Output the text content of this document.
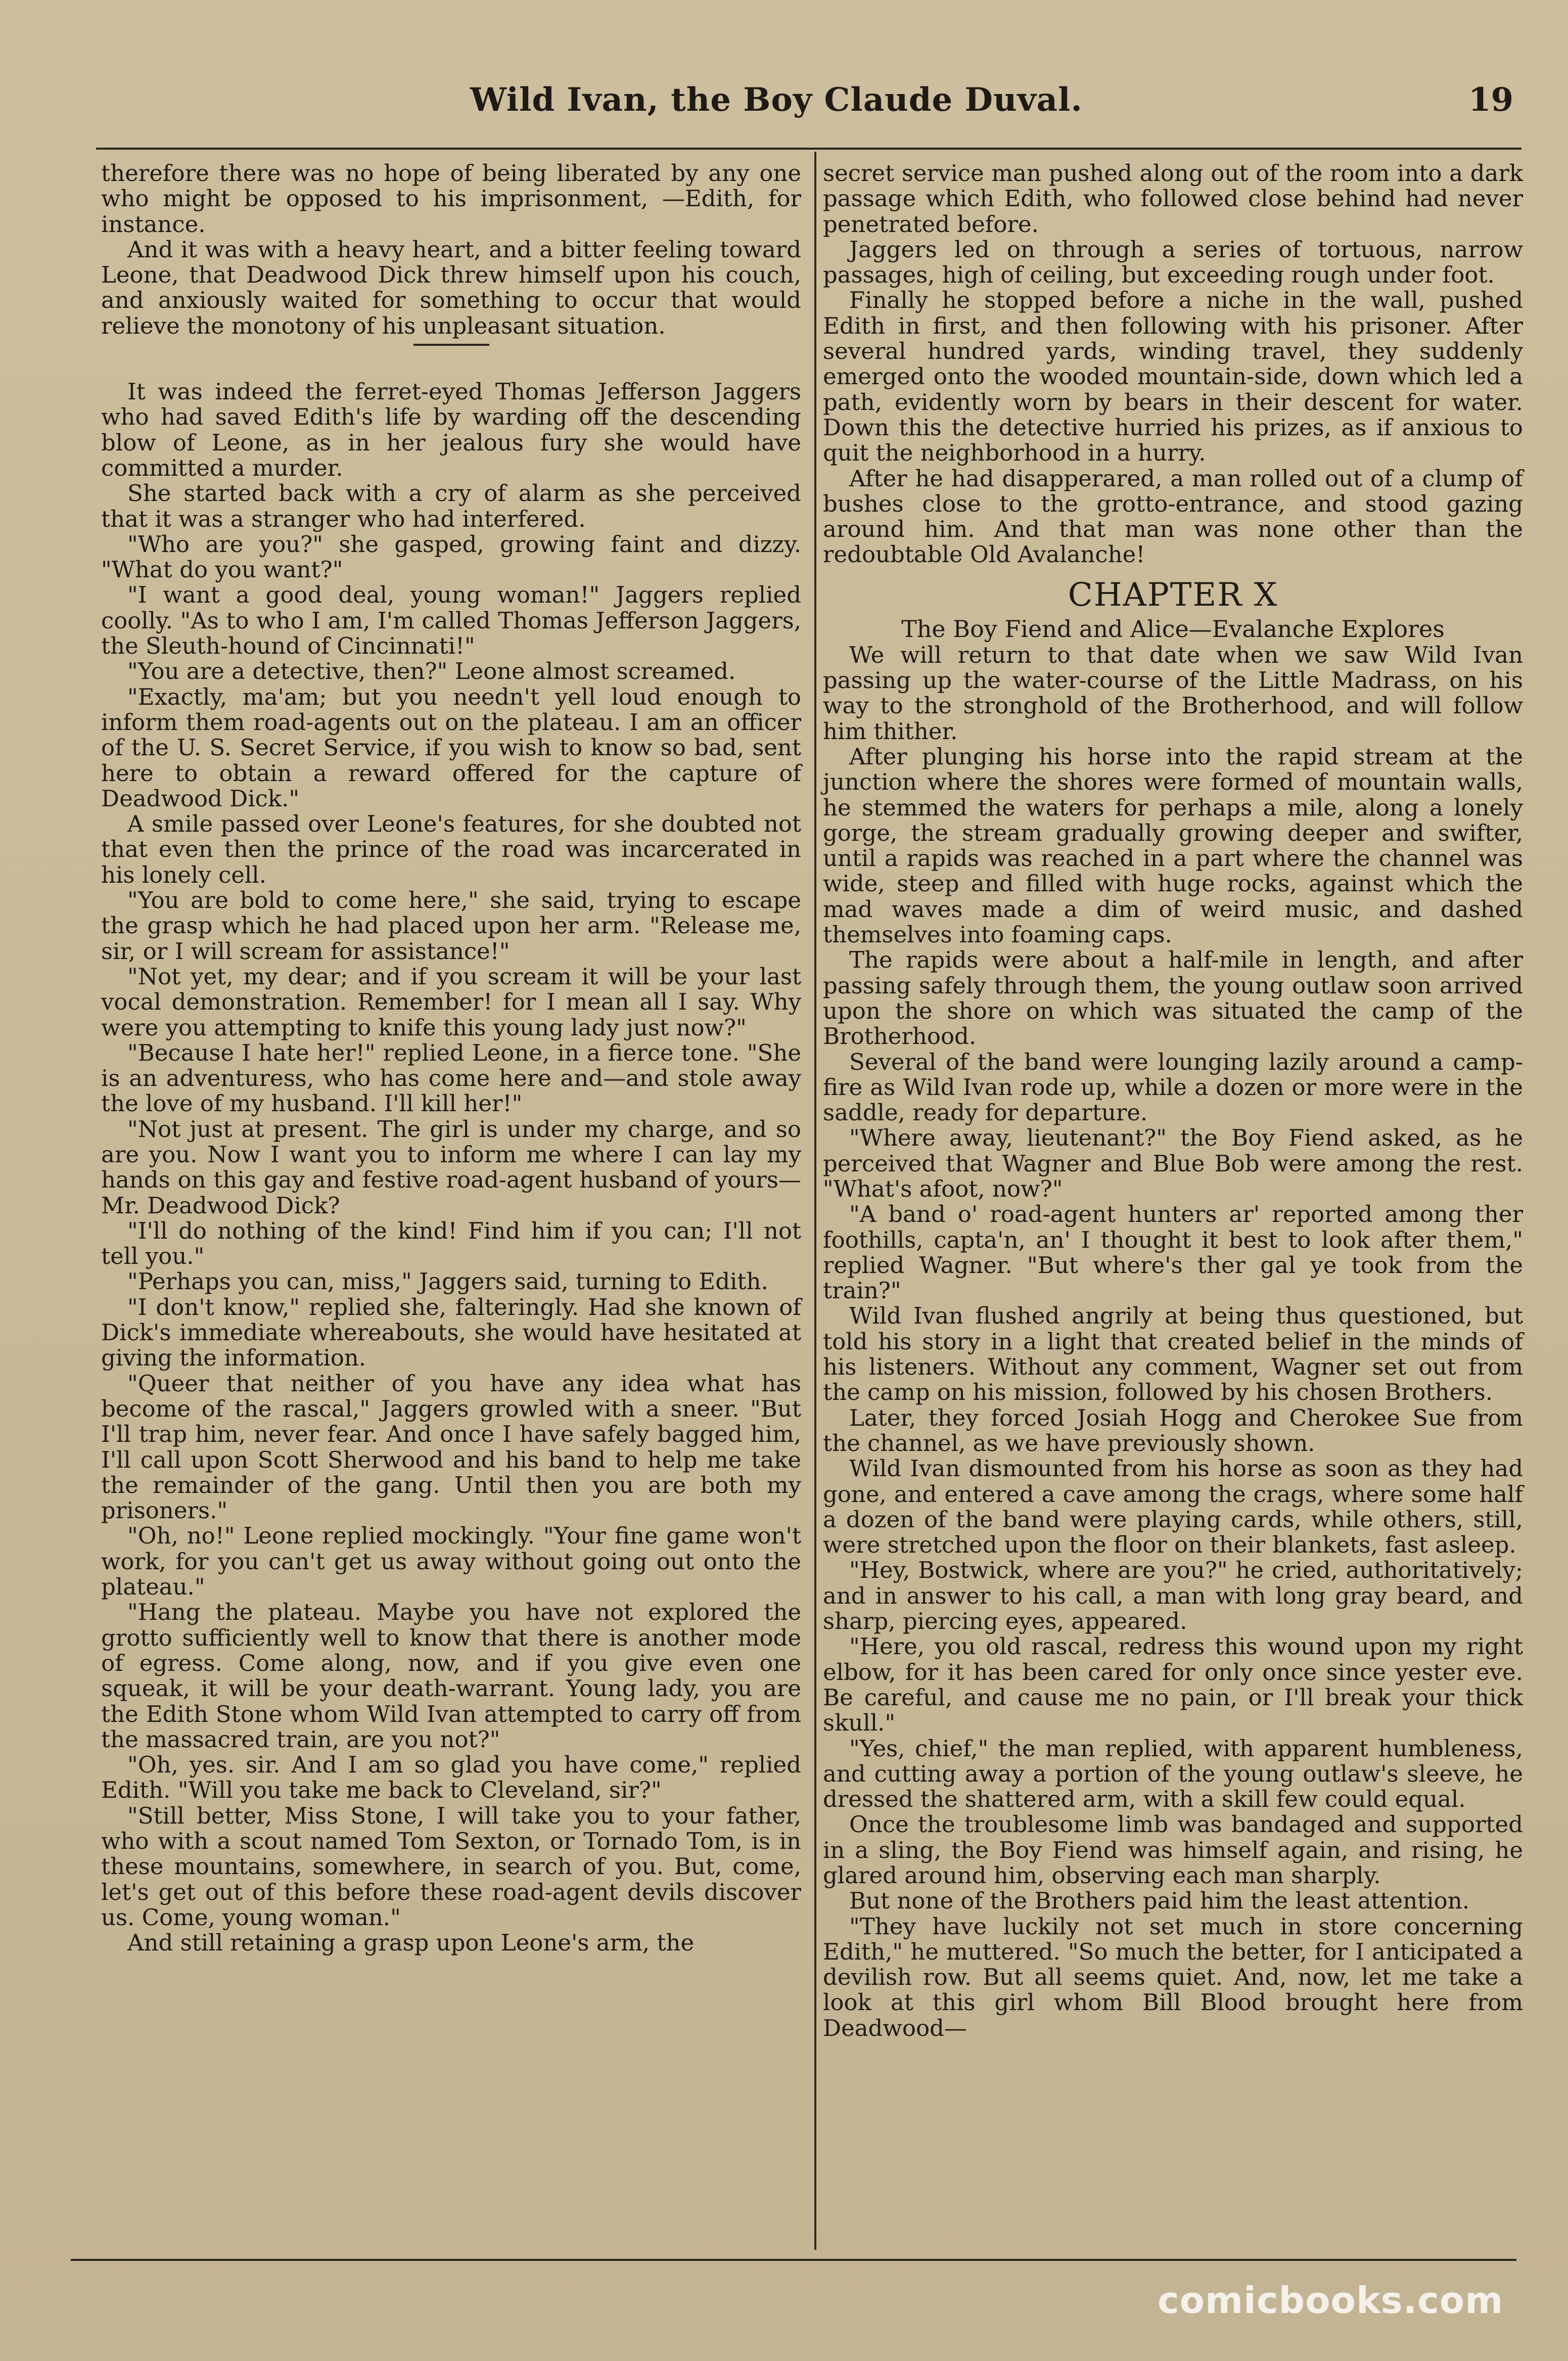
Wild Ivan, the Boy Claude Duval.	19

therefore there was no hope of being liberated by any one who might be opposed to his imprisonment, —Edith, for instance.

And it was with a heavy heart, and a bitter feeling toward Leone, that Deadwood Dick threw himself upon his couch, and anxiously waited for something to occur that would relieve the monotony of his unpleasant situation.

It was indeed the ferret-eyed Thomas Jefferson Jaggers who had saved Edith's life by warding off the descending blow of Leone, as in her jealous fury she would have committed a murder.

She started back with a cry of alarm as she perceived that it was a stranger who had interfered.

"Who are you?" she gasped, growing faint and dizzy. "What do you want?"

"I want a good deal, young woman!" Jaggers replied coolly. "As to who I am, I'm called Thomas Jefferson Jaggers, the Sleuth-hound of Cincinnati!"

"You are a detective, then?" Leone almost screamed.

"Exactly, ma'am; but you needn't yell loud enough to inform them road-agents out on the plateau. I am an officer of the U. S. Secret Service, if you wish to know so bad, sent here to obtain a reward offered for the capture of Deadwood Dick."

A smile passed over Leone's features, for she doubted not that even then the prince of the road was incarcerated in his lonely cell.

"You are bold to come here," she said, trying to escape the grasp which he had placed upon her arm. "Release me, sir, or I will scream for assistance!"

"Not yet, my dear; and if you scream it will be your last vocal demonstration. Remember! for I mean all I say. Why were you attempting to knife this young lady just now?"

"Because I hate her!" replied Leone, in a fierce tone. "She is an adventuress, who has come here and—and stole away the love of my husband. I'll kill her!"

"Not just at present. The girl is under my charge, and so are you. Now I want you to inform me where I can lay my hands on this gay and festive road-agent husband of yours—Mr. Deadwood Dick?

"I'll do nothing of the kind! Find him if you can; I'll not tell you."

"Perhaps you can, miss," Jaggers said, turning to Edith.

"I don't know," replied she, falteringly. Had she known of Dick's immediate whereabouts, she would have hesitated at giving the information.

"Queer that neither of you have any idea what has become of the rascal," Jaggers growled with a sneer. "But I'll trap him, never fear. And once I have safely bagged him, I'll call upon Scott Sherwood and his band to help me take the remainder of the gang. Until then you are both my prisoners."

"Oh, no!" Leone replied mockingly. "Your fine game won't work, for you can't get us away without going out onto the plateau."

"Hang the plateau. Maybe you have not explored the grotto sufficiently well to know that there is another mode of egress. Come along, now, and if you give even one squeak, it will be your death-warrant. Young lady, you are the Edith Stone whom Wild Ivan attempted to carry off from the massacred train, are you not?"

"Oh, yes. sir. And I am so glad you have come," replied Edith. "Will you take me back to Cleveland, sir?"

"Still better, Miss Stone, I will take you to your father, who with a scout named Tom Sexton, or Tornado Tom, is in these mountains, somewhere, in search of you. But, come, let's get out of this before these road-agent devils discover us. Come, young woman."

And still retaining a grasp upon Leone's arm, the

secret service man pushed along out of the room into a dark passage which Edith, who followed close behind had never penetrated before.

Jaggers led on through a series of tortuous, narrow passages, high of ceiling, but exceeding rough under foot.

Finally he stopped before a niche in the wall, pushed Edith in first, and then following with his prisoner. After several hundred yards, winding travel, they suddenly emerged onto the wooded mountain-side, down which led a path, evidently worn by bears in their descent for water. Down this the detective hurried his prizes, as if anxious to quit the neighborhood in a hurry.

After he had disapperared, a man rolled out of a clump of bushes close to the grotto-entrance, and stood gazing around him. And that man was none other than the redoubtable Old Avalanche!

CHAPTER X
The Boy Fiend and Alice—Evalanche Explores

We will return to that date when we saw Wild Ivan passing up the water-course of the Little Madrass, on his way to the stronghold of the Brotherhood, and will follow him thither.

After plunging his horse into the rapid stream at the junction where the shores were formed of mountain walls, he stemmed the waters for perhaps a mile, along a lonely gorge, the stream gradually growing deeper and swifter, until a rapids was reached in a part where the channel was wide, steep and filled with huge rocks, against which the mad waves made a dim of weird music, and dashed themselves into foaming caps.

The rapids were about a half-mile in length, and after passing safely through them, the young outlaw soon arrived upon the shore on which was situated the camp of the Brotherhood.

Several of the band were lounging lazily around a camp-fire as Wild Ivan rode up, while a dozen or more were in the saddle, ready for departure.

"Where away, lieutenant?" the Boy Fiend asked, as he perceived that Wagner and Blue Bob were among the rest. "What's afoot, now?"

"A band o' road-agent hunters ar' reported among ther foothills, capta'n, an' I thought it best to look after them," replied Wagner. "But where's ther gal ye took from the train?"

Wild Ivan flushed angrily at being thus questioned, but told his story in a light that created belief in the minds of his listeners. Without any comment, Wagner set out from the camp on his mission, followed by his chosen Brothers.

Later, they forced Josiah Hogg and Cherokee Sue from the channel, as we have previously shown.

Wild Ivan dismounted from his horse as soon as they had gone, and entered a cave among the crags, where some half a dozen of the band were playing cards, while others, still, were stretched upon the floor on their blankets, fast asleep.

"Hey, Bostwick, where are you?" he cried, authoritatively; and in answer to his call, a man with long gray beard, and sharp, piercing eyes, appeared.

"Here, you old rascal, redress this wound upon my right elbow, for it has been cared for only once since yester eve. Be careful, and cause me no pain, or I'll break your thick skull."

"Yes, chief," the man replied, with apparent humbleness, and cutting away a portion of the young outlaw's sleeve, he dressed the shattered arm, with a skill few could equal.

Once the troublesome limb was bandaged and supported in a sling, the Boy Fiend was himself again, and rising, he glared around him, observing each man sharply.

But none of the Brothers paid him the least attention.

"They have luckily not set much in store concerning Edith," he muttered. "So much the better, for I anticipated a devilish row. But all seems quiet. And, now, let me take a look at this girl whom Bill Blood brought here from Deadwood—

comicbooks.com
